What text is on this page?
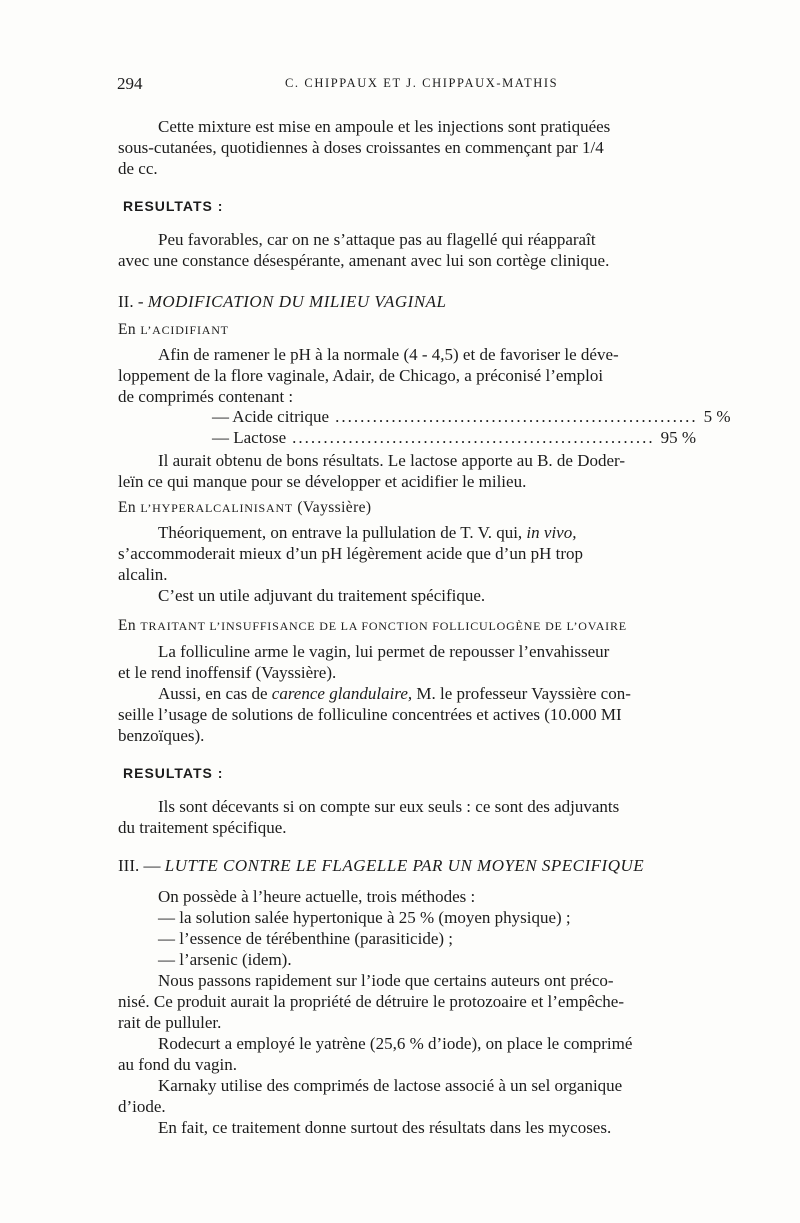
294	C. CHIPPAUX ET J. CHIPPAUX-MATHIS
Cette mixture est mise en ampoule et les injections sont pratiquées
sous-cutanées, quotidiennes à doses croissantes en commençant par 1/4
de cc.
RESULTATS :
Peu favorables, car on ne s’attaque pas au flagellé qui réapparaît
avec une constance désespérante, amenant avec lui son cortège clinique.
II. - MODIFICATION DU MILIEU VAGINAL
En L’ACIDIFIANT
Afin de ramener le pH à la normale (4 - 4,5) et de favoriser le déve-
loppement de la flore vaginale, Adair, de Chicago, a préconisé l’emploi
de comprimés contenant :
— Acide citrique .......................................................... 5 %
— Lactose .......................................................... 95 %
Il aurait obtenu de bons résultats. Le lactose apporte au B. de Doder-
leïn ce qui manque pour se développer et acidifier le milieu.
En L’HYPERALCALINISANT (Vayssière)
Théoriquement, on entrave la pullulation de T. V. qui, in vivo,
s’accommoderait mieux d’un pH légèrement acide que d’un pH trop
alcalin.
C’est un utile adjuvant du traitement spécifique.
En TRAITANT L’INSUFFISANCE DE LA FONCTION FOLLICULOGÈNE DE L’OVAIRE
La folliculine arme le vagin, lui permet de repousser l’envahisseur
et le rend inoffensif (Vayssière).
Aussi, en cas de carence glandulaire, M. le professeur Vayssière con-
seille l’usage de solutions de folliculine concentrées et actives (10.000 MI
benzoïques).
RESULTATS :
Ils sont décevants si on compte sur eux seuls : ce sont des adjuvants
du traitement spécifique.
III. — LUTTE CONTRE LE FLAGELLE PAR UN MOYEN SPECIFIQUE
On possède à l’heure actuelle, trois méthodes :
— la solution salée hypertonique à 25 % (moyen physique) ;
— l’essence de térébenthine (parasiticide) ;
— l’arsenic (idem).
Nous passons rapidement sur l’iode que certains auteurs ont préco-
nisé. Ce produit aurait la propriété de détruire le protozoaire et l’empêche-
rait de pulluler.
Rodecurt a employé le yatrène (25,6 % d’iode), on place le comprimé
au fond du vagin.
Karnaky utilise des comprimés de lactose associé à un sel organique
d’iode.
En fait, ce traitement donne surtout des résultats dans les mycoses.
